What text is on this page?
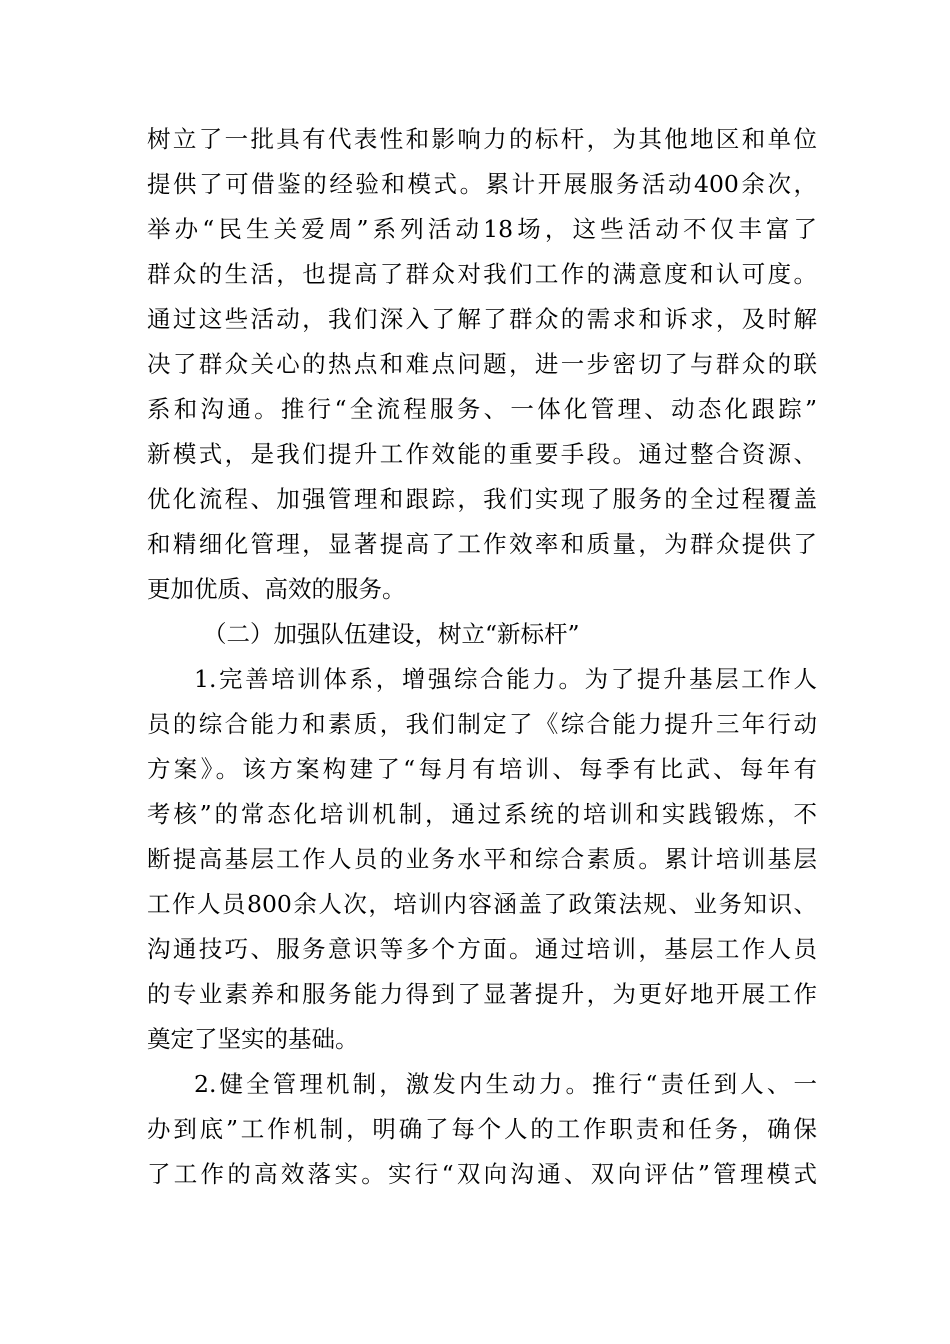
树立了一批具有代表性和影响力的标杆，为其他地区和单位
提供了可借鉴的经验和模式。累计开展服务活动400余次，
举办“民生关爱周”系列活动18场，这些活动不仅丰富了
群众的生活，也提高了群众对我们工作的满意度和认可度。
通过这些活动，我们深入了解了群众的需求和诉求，及时解
决了群众关心的热点和难点问题，进一步密切了与群众的联
系和沟通。推行“全流程服务、一体化管理、动态化跟踪”
新模式，是我们提升工作效能的重要手段。通过整合资源、
优化流程、加强管理和跟踪，我们实现了服务的全过程覆盖
和精细化管理，显著提高了工作效率和质量，为群众提供了
更加优质、高效的服务。
（二）加强队伍建设，树立“新标杆”
1.完善培训体系，增强综合能力。为了提升基层工作人
员的综合能力和素质，我们制定了《综合能力提升三年行动
方案》。该方案构建了“每月有培训、每季有比武、每年有
考核”的常态化培训机制，通过系统的培训和实践锻炼，不
断提高基层工作人员的业务水平和综合素质。累计培训基层
工作人员800余人次，培训内容涵盖了政策法规、业务知识、
沟通技巧、服务意识等多个方面。通过培训，基层工作人员
的专业素养和服务能力得到了显著提升，为更好地开展工作
奠定了坚实的基础。
2.健全管理机制，激发内生动力。推行“责任到人、一
办到底”工作机制，明确了每个人的工作职责和任务，确保
了工作的高效落实。实行“双向沟通、双向评估”管理模式
